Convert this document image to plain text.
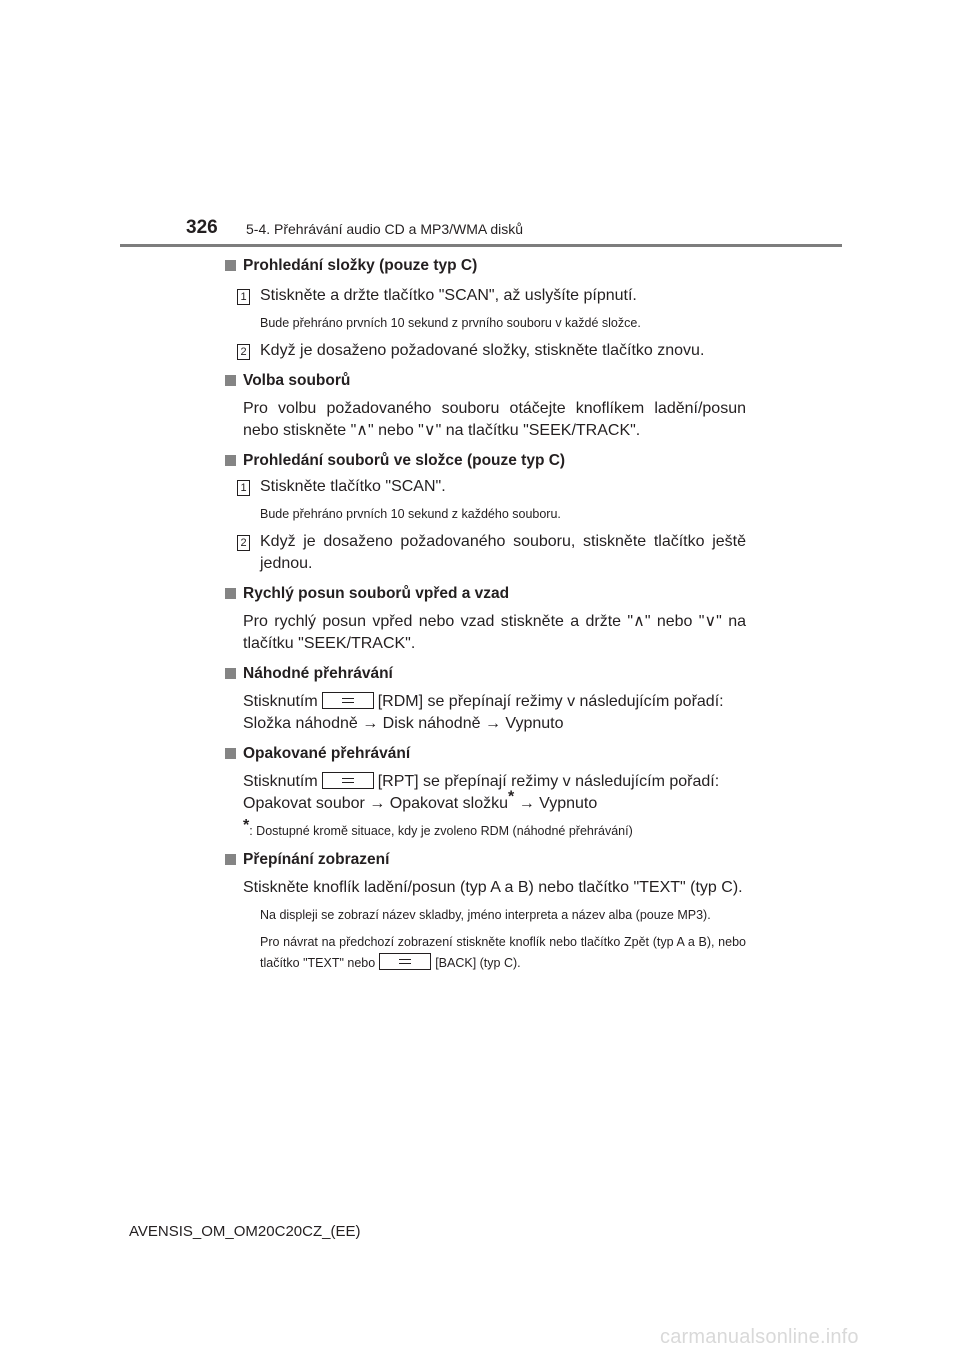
326 5-4. Přehrávání audio CD a MP3/WMA disků

Prohledání složky (pouze typ C)

1 Stiskněte a držte tlačítko "SCAN", až uslyšíte pípnutí.

Bude přehráno prvních 10 sekund z prvního souboru v každé složce.

2 Když je dosaženo požadované složky, stiskněte tlačítko znovu.

Volba souborů

Pro volbu požadovaného souboru otáčejte knoflíkem ladění/posun nebo stiskněte "∧" nebo "∨" na tlačítku "SEEK/TRACK".

Prohledání souborů ve složce (pouze typ C)

1 Stiskněte tlačítko "SCAN".

Bude přehráno prvních 10 sekund z každého souboru.

2 Když je dosaženo požadovaného souboru, stiskněte tlačítko ještě jednou.

Rychlý posun souborů vpřed a vzad

Pro rychlý posun vpřed nebo vzad stiskněte a držte "∧" nebo "∨" na tlačítku "SEEK/TRACK".

Náhodné přehrávání

Stisknutím	[RDM] se přepínají režimy v následujícím pořadí:
Složka náhodně → Disk náhodně → Vypnuto

Opakované přehrávání

Stisknutím	[RPT] se přepínají režimy v následujícím pořadí:
Opakovat soubor → Opakovat složku* → Vypnuto

*: Dostupné kromě situace, kdy je zvoleno RDM (náhodné přehrávání)

Přepínání zobrazení

Stiskněte knoflík ladění/posun (typ A a B) nebo tlačítko "TEXT" (typ C).

Na displeji se zobrazí název skladby, jméno interpreta a název alba (pouze MP3).

Pro návrat na předchozí zobrazení stiskněte knoflík nebo tlačítko Zpět (typ A a B), nebo tlačítko "TEXT" nebo	[BACK] (typ C).

AVENSIS_OM_OM20C20CZ_(EE)
carmanualsonline.info
